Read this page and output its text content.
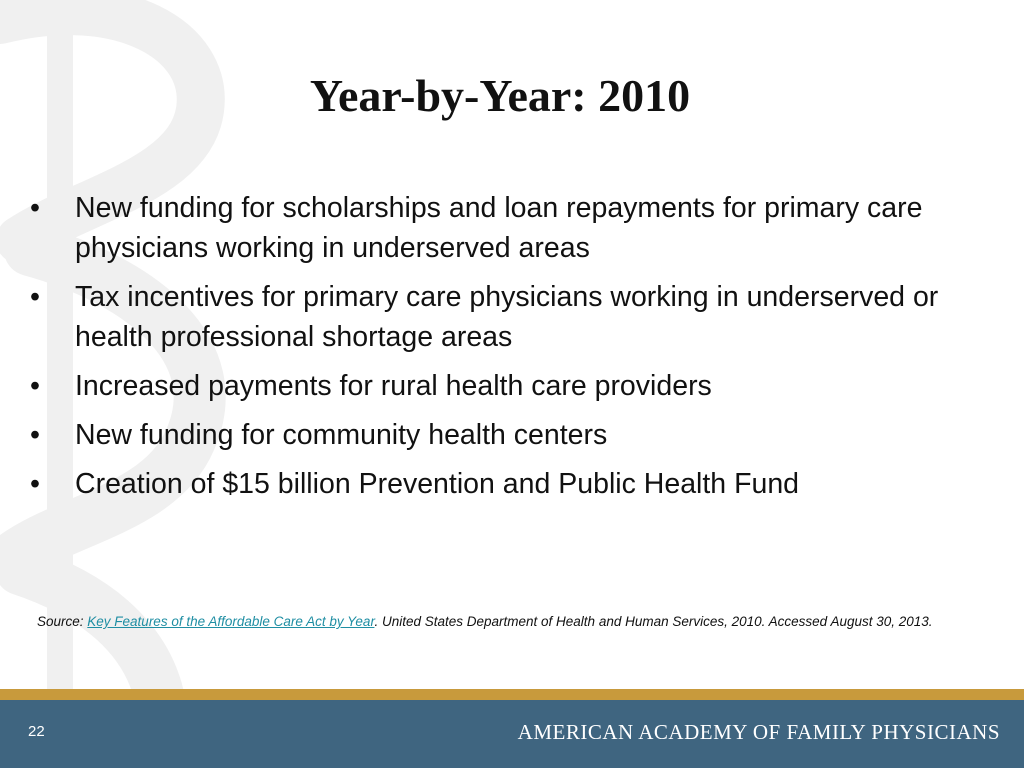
Year-by-Year: 2010
• New funding for scholarships and loan repayments for primary care physicians working in underserved areas
• Tax incentives for primary care physicians working in underserved or health professional shortage areas
• Increased payments for rural health care providers
• New funding for community health centers
• Creation of $15 billion Prevention and Public Health Fund
Source: Key Features of the Affordable Care Act by Year. United States Department of Health and Human Services, 2010. Accessed August 30, 2013.
22	AMERICAN ACADEMY OF FAMILY PHYSICIANS
